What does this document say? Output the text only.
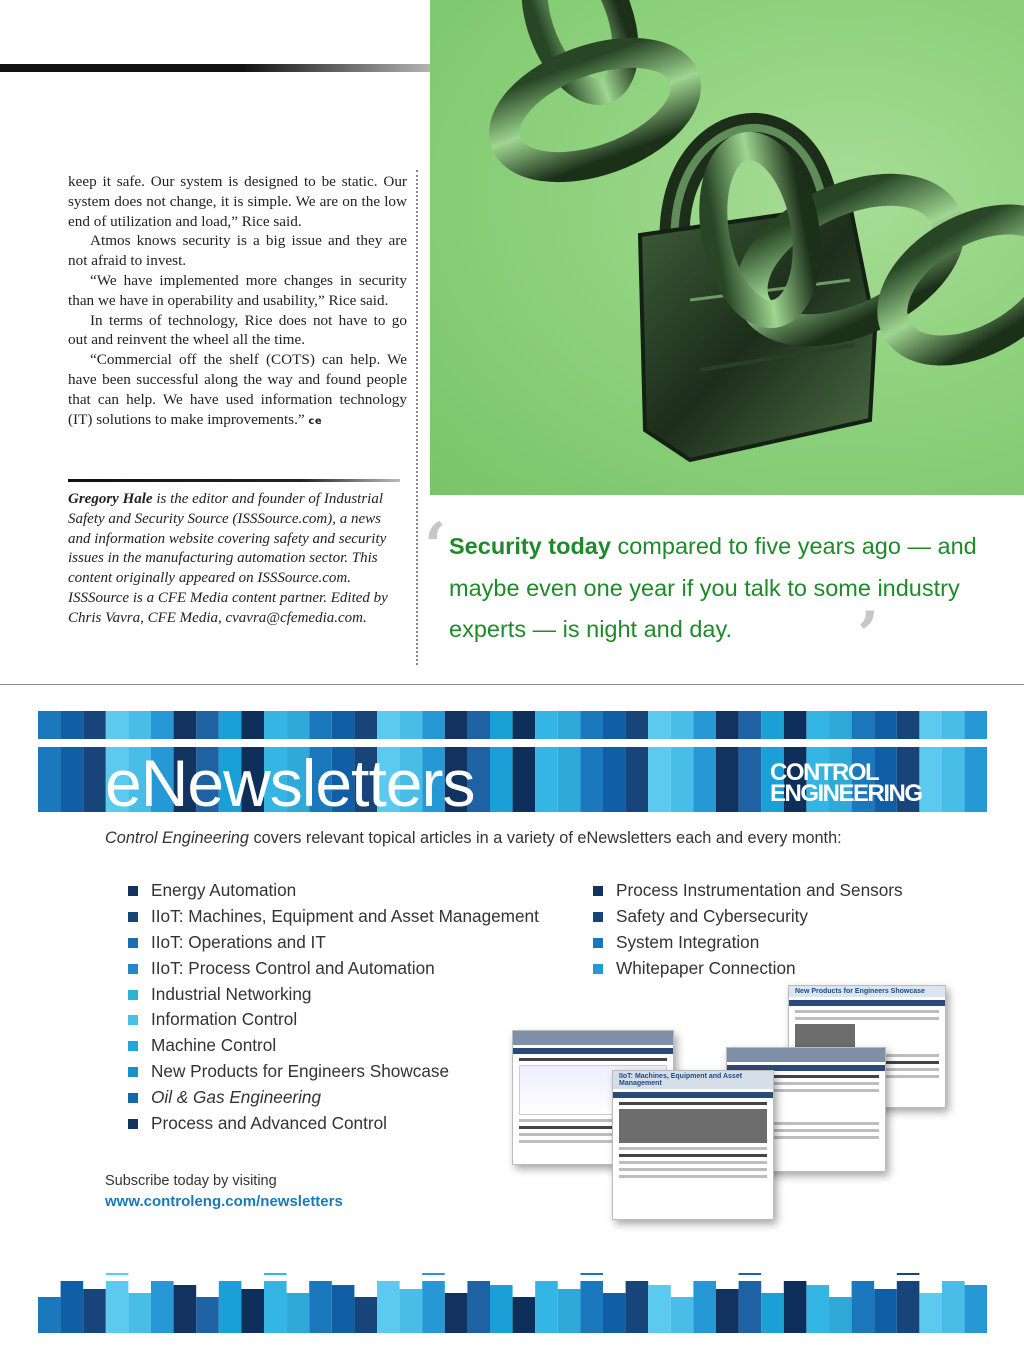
keep it safe. Our system is designed to be static. Our system does not change, it is simple. We are on the low end of utilization and load,” Rice said.

Atmos knows security is a big issue and they are not afraid to invest.

“We have implemented more changes in security than we have in operability and usability,” Rice said.

In terms of technology, Rice does not have to go out and reinvent the wheel all the time.

“Commercial off the shelf (COTS) can help. We have been successful along the way and found people that can help. We have used information technology (IT) solutions to make improvements.” ce

Gregory Hale is the editor and founder of Industrial Safety and Security Source (ISSSource.com), a news and information website covering safety and security issues in the manufacturing automation sector. This content originally appeared on ISSSource.com. ISSSource is a CFE Media content partner. Edited by Chris Vavra, CFE Media, cvavra@cfemedia.com.
‘ Security today compared to five years ago — and maybe even one year if you talk to some industry experts — is night and day.	’
eNewsletters	CONTROL
ENGINEERING
Control Engineering covers relevant topical articles in a variety of eNewsletters each and every month:
Energy Automation
IIoT: Machines, Equipment and Asset Management
IIoT: Operations and IT
IIoT: Process Control and Automation
Industrial Networking
Information Control
Machine Control
New Products for Engineers Showcase
Oil & Gas Engineering
Process and Advanced Control
Process Instrumentation and Sensors
Safety and Cybersecurity
System Integration
Whitepaper Connection
New Products for Engineers Showcase
IIoT: Machines, Equipment and Asset Management
Subscribe today by visiting
www.controleng.com/newsletters
